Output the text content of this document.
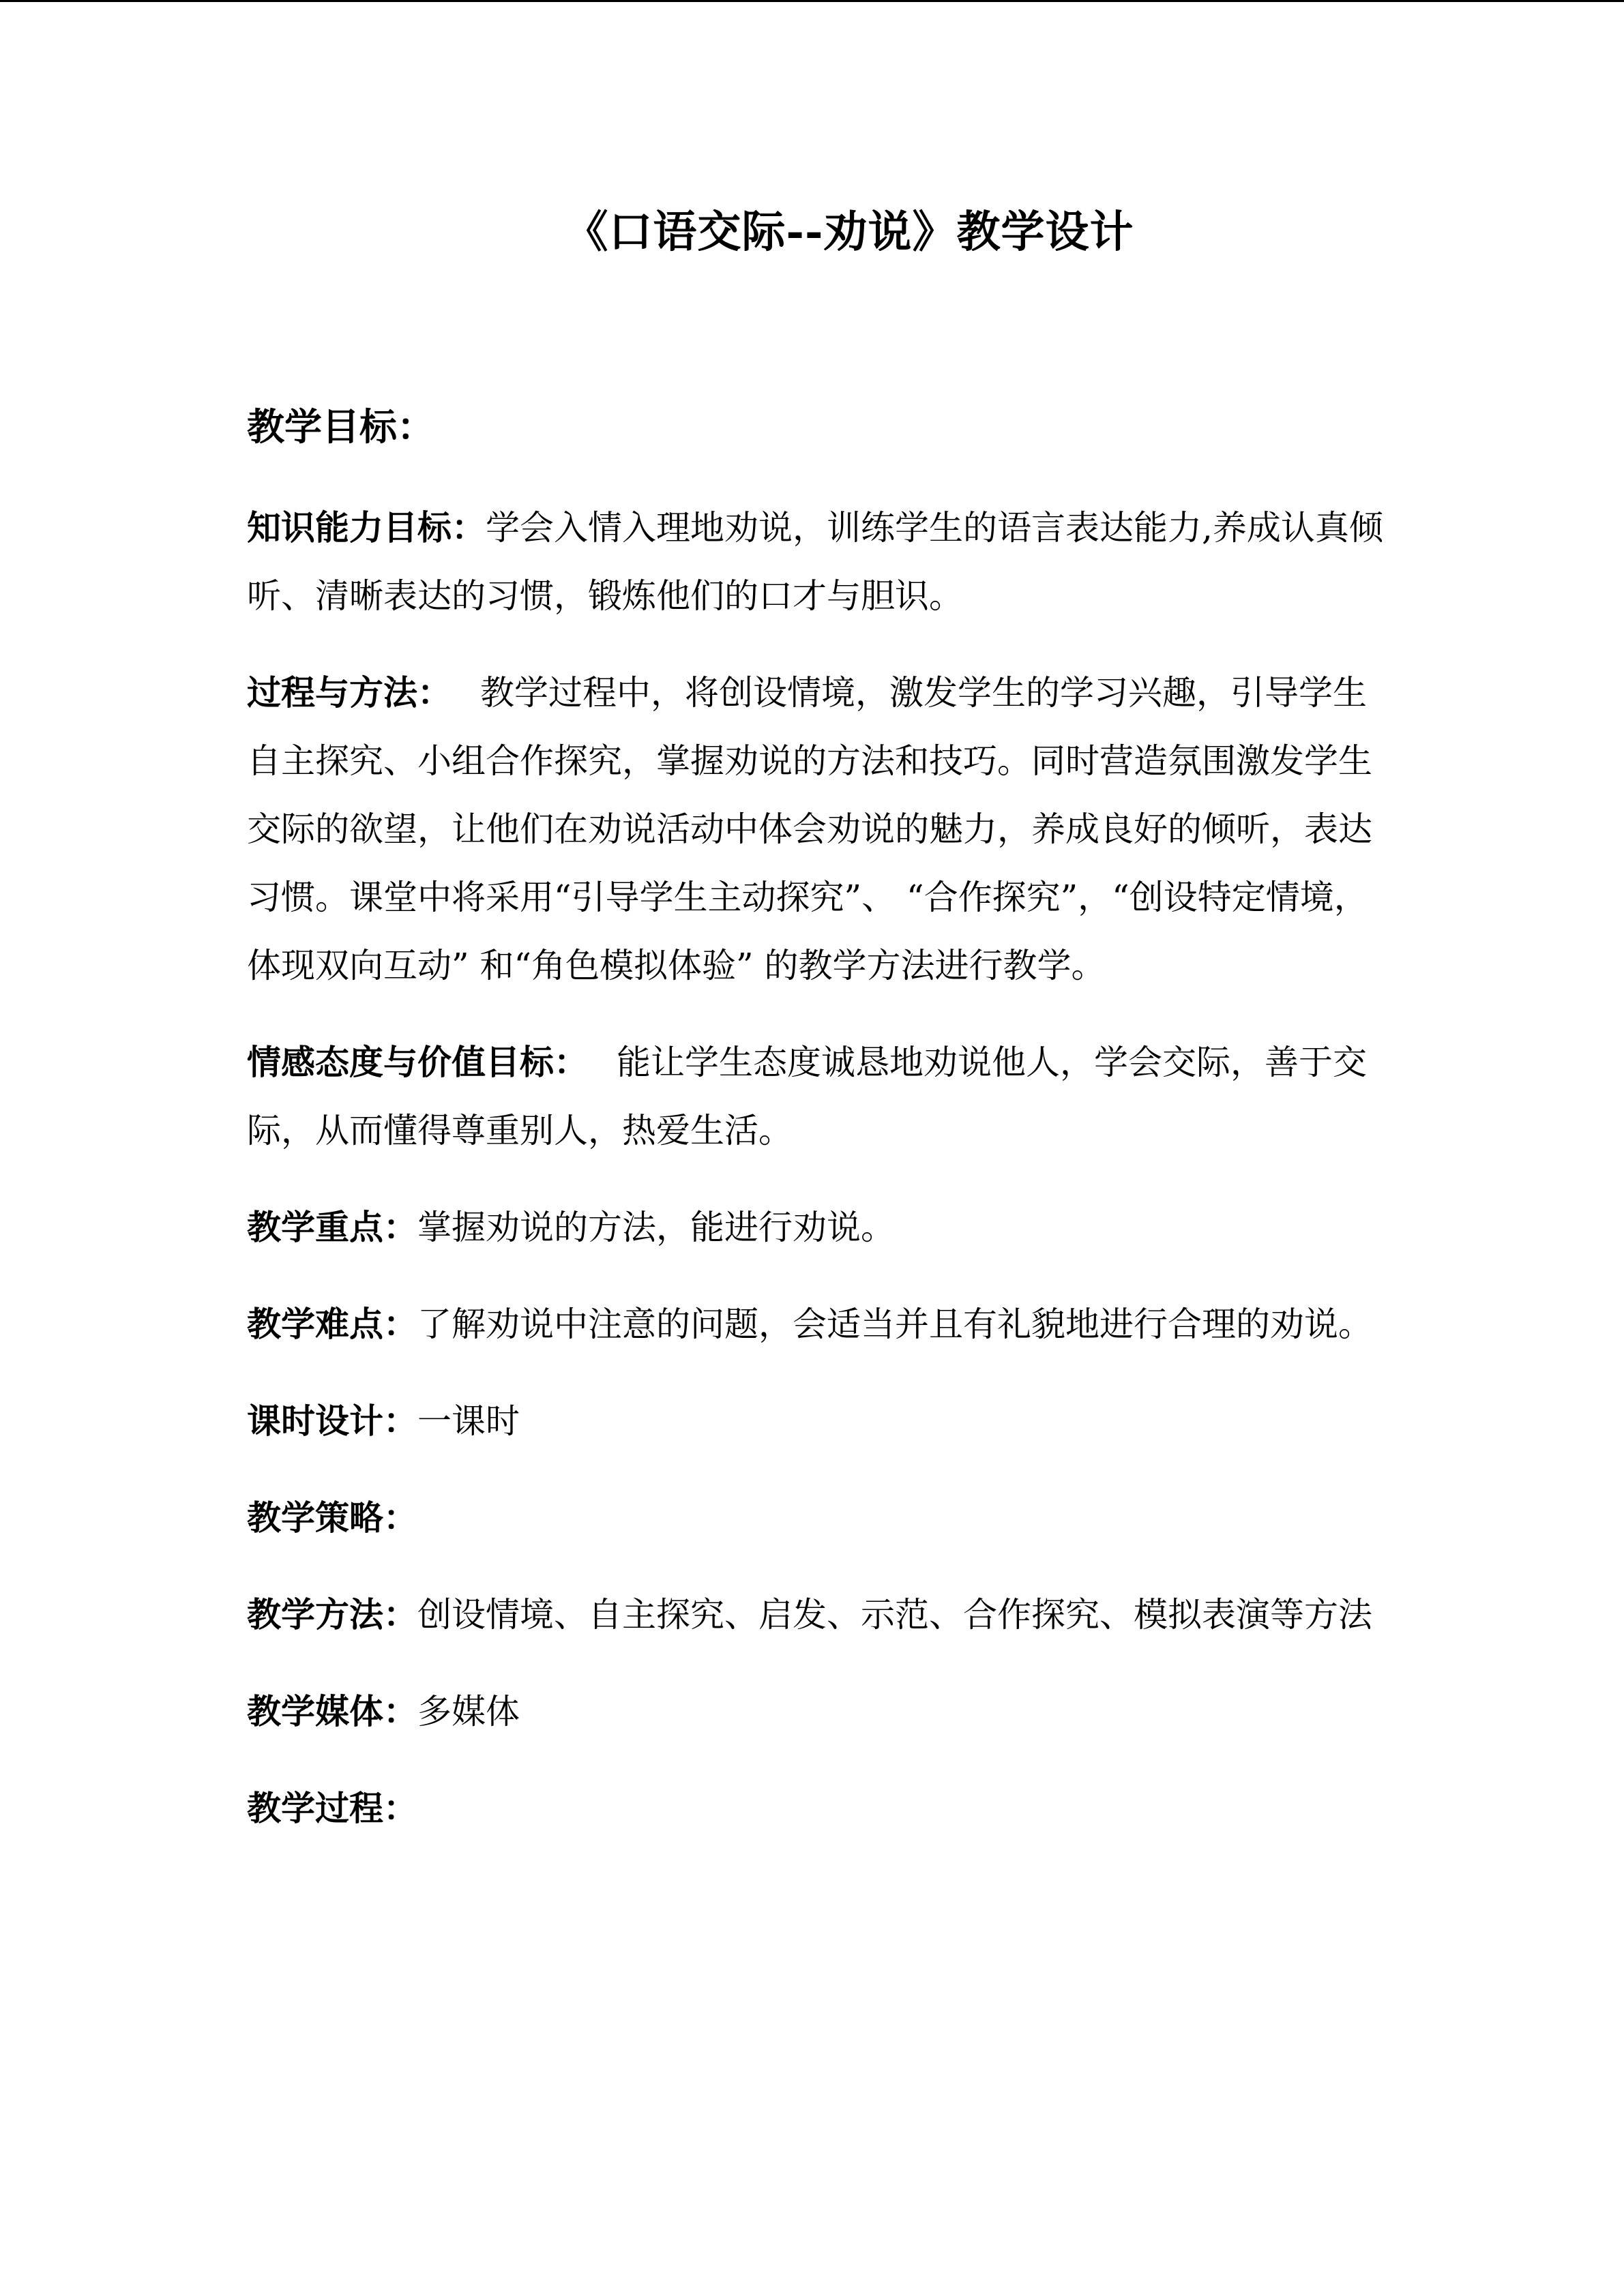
《口语交际--劝说》教学设计
教学目标：

知识能力目标：学会入情入理地劝说，训练学生的语言表达能力,养成认真倾听、清晰表达的习惯，锻炼他们的口才与胆识。

过程与方法： 教学过程中，将创设情境，激发学生的学习兴趣，引导学生自主探究、小组合作探究，掌握劝说的方法和技巧。同时营造氛围激发学生交际的欲望，让他们在劝说活动中体会劝说的魅力，养成良好的倾听，表达习惯。课堂中将采用“引导学生主动探究”、 “合作探究”，“创设特定情境， 体现双向互动” 和“角色模拟体验” 的教学方法进行教学。

情感态度与价值目标： 能让学生态度诚恳地劝说他人，学会交际，善于交际，从而懂得尊重别人，热爱生活。

教学重点：掌握劝说的方法，能进行劝说。

教学难点：了解劝说中注意的问题，会适当并且有礼貌地进行合理的劝说。

课时设计：一课时

教学策略：

教学方法：创设情境、自主探究、启发、示范、合作探究、模拟表演等方法

教学媒体：多媒体

教学过程：
